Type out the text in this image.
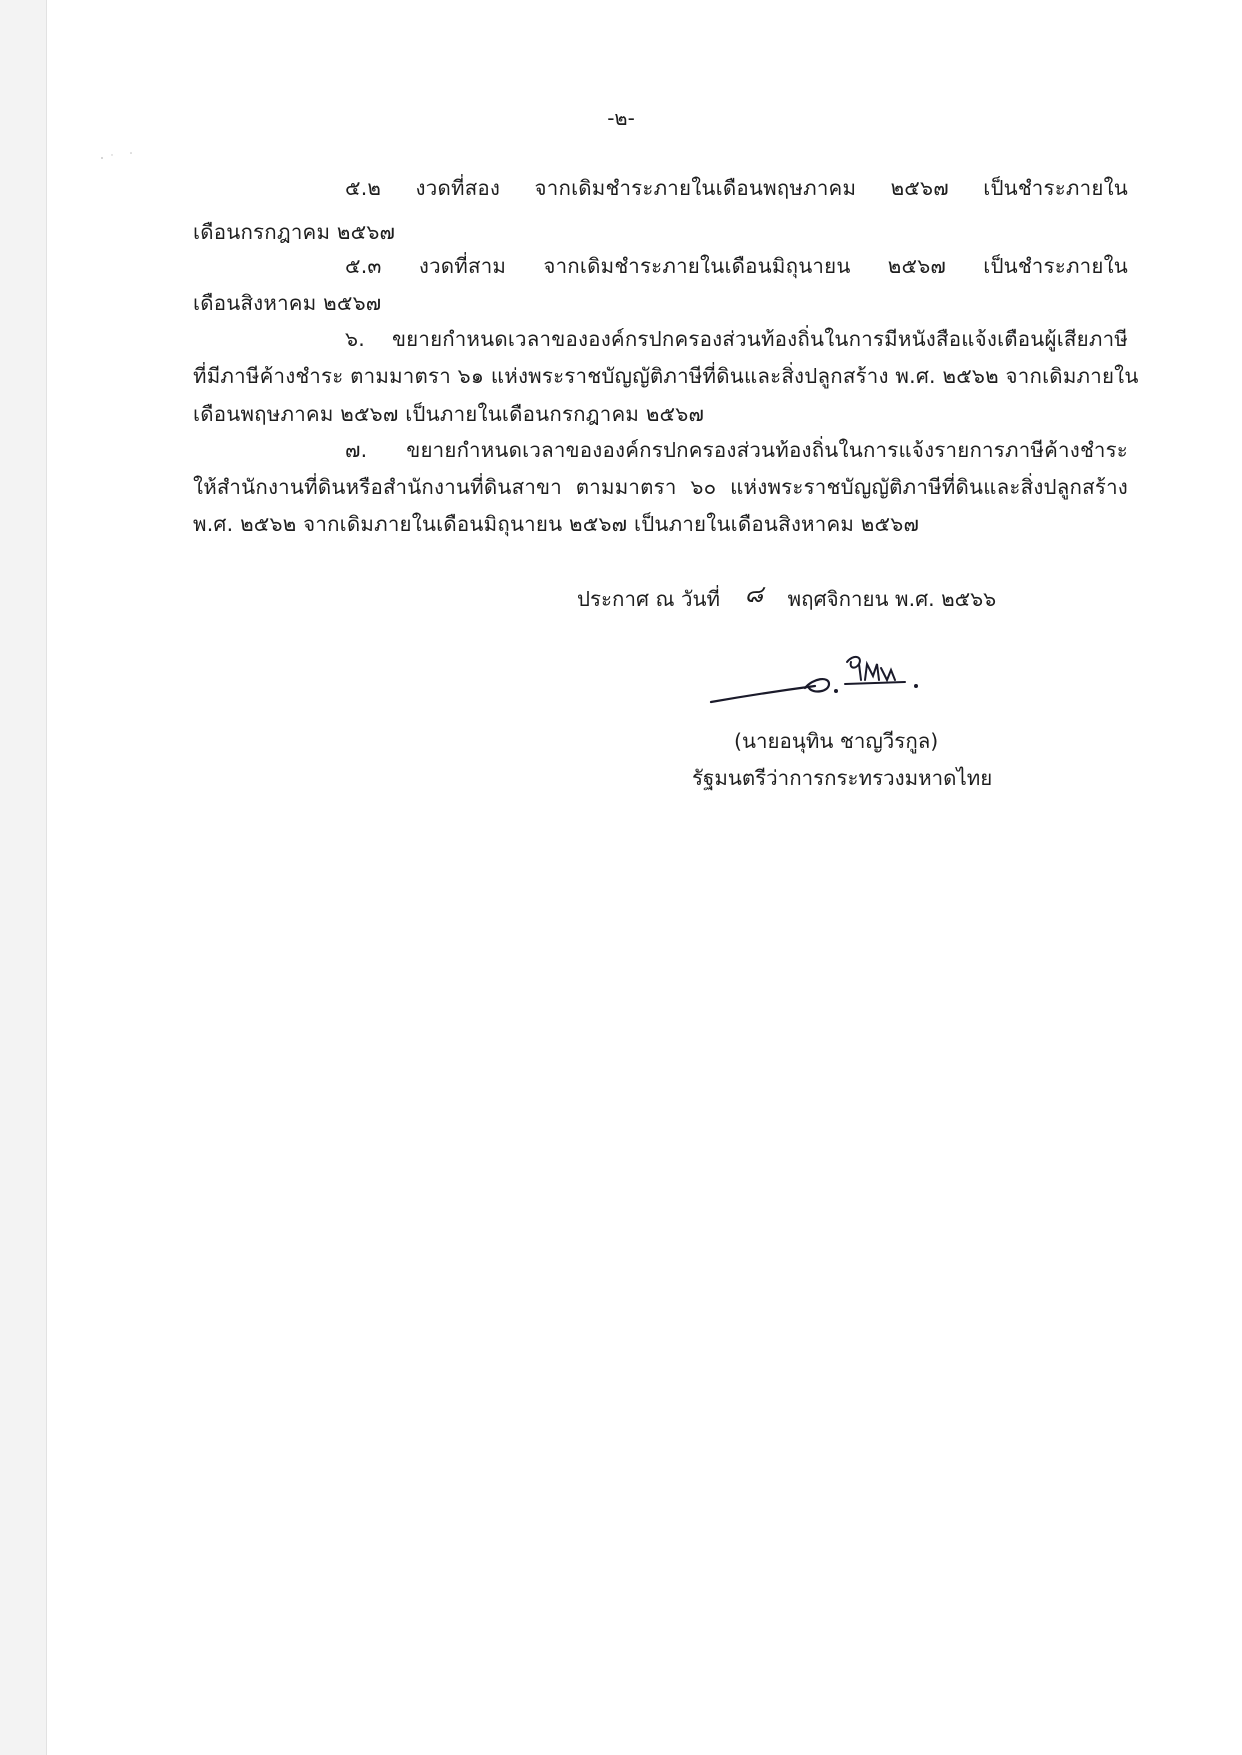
-๒-
๕.๒ งวดที่สอง จากเดิมชำระภายในเดือนพฤษภาคม ๒๕๖๗ เป็นชำระภายใน
เดือนกรกฎาคม ๒๕๖๗
๕.๓ งวดที่สาม จากเดิมชำระภายในเดือนมิถุนายน ๒๕๖๗ เป็นชำระภายใน
เดือนสิงหาคม ๒๕๖๗
๖. ขยายกำหนดเวลาขององค์กรปกครองส่วนท้องถิ่นในการมีหนังสือแจ้งเตือนผู้เสียภาษี
ที่มีภาษีค้างชำระ ตามมาตรา ๖๑ แห่งพระราชบัญญัติภาษีที่ดินและสิ่งปลูกสร้าง พ.ศ. ๒๕๖๒ จากเดิมภายใน
เดือนพฤษภาคม ๒๕๖๗ เป็นภายในเดือนกรกฎาคม ๒๕๖๗
๗. ขยายกำหนดเวลาขององค์กรปกครองส่วนท้องถิ่นในการแจ้งรายการภาษีค้างชำระ
ให้สำนักงานที่ดินหรือสำนักงานที่ดินสาขา ตามมาตรา ๖๐ แห่งพระราชบัญญัติภาษีที่ดินและสิ่งปลูกสร้าง
พ.ศ. ๒๕๖๒ จากเดิมภายในเดือนมิถุนายน ๒๕๖๗ เป็นภายในเดือนสิงหาคม ๒๕๖๗
ประกาศ ณ วันที่ ๘ พฤศจิกายน พ.ศ. ๒๕๖๖
(นายอนุทิน ชาญวีรกูล)
รัฐมนตรีว่าการกระทรวงมหาดไทย
